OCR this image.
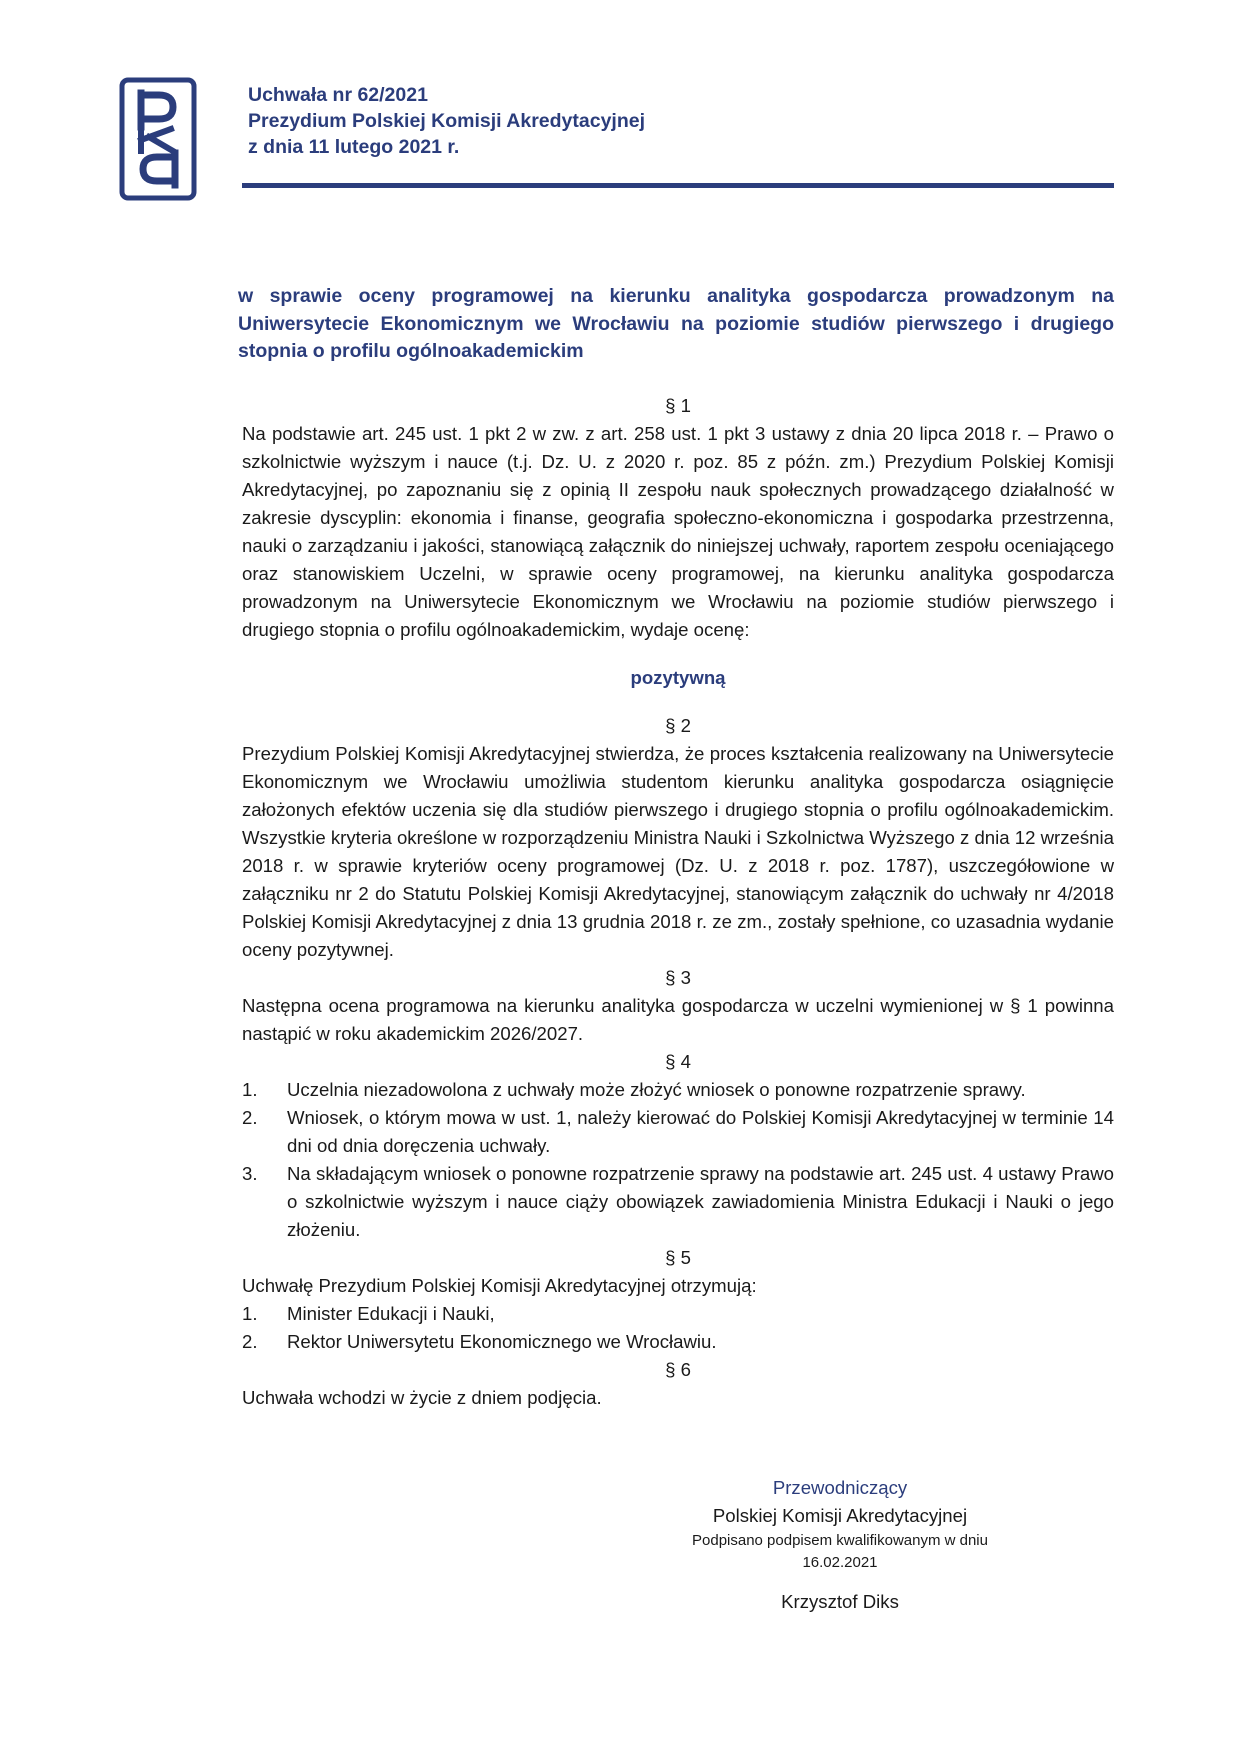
Uchwała nr 62/2021
Prezydium Polskiej Komisji Akredytacyjnej
z dnia 11 lutego 2021 r.
w sprawie oceny programowej na kierunku analityka gospodarcza prowadzonym na Uniwersytecie Ekonomicznym we Wrocławiu na poziomie studiów pierwszego i drugiego stopnia o profilu ogólnoakademickim
§ 1

Na podstawie art. 245 ust. 1 pkt 2 w zw. z art. 258 ust. 1 pkt 3 ustawy z dnia 20 lipca 2018 r. – Prawo o szkolnictwie wyższym i nauce (t.j. Dz. U. z 2020 r. poz. 85 z późn. zm.) Prezydium Polskiej Komisji Akredytacyjnej, po zapoznaniu się z opinią II zespołu nauk społecznych prowadzącego działalność w zakresie dyscyplin: ekonomia i finanse, geografia społeczno-ekonomiczna i gospodarka przestrzenna, nauki o zarządzaniu i jakości, stanowiącą załącznik do niniejszej uchwały, raportem zespołu oceniającego oraz stanowiskiem Uczelni, w sprawie oceny programowej, na kierunku analityka gospodarcza prowadzonym na Uniwersytecie Ekonomicznym we Wrocławiu na poziomie studiów pierwszego i drugiego stopnia o profilu ogólnoakademickim, wydaje ocenę:

pozytywną
§ 2

Prezydium Polskiej Komisji Akredytacyjnej stwierdza, że proces kształcenia realizowany na Uniwersytecie Ekonomicznym we Wrocławiu umożliwia studentom kierunku analityka gospodarcza osiągnięcie założonych efektów uczenia się dla studiów pierwszego i drugiego stopnia o profilu ogólnoakademickim. Wszystkie kryteria określone w rozporządzeniu Ministra Nauki i Szkolnictwa Wyższego z dnia 12 września 2018 r. w sprawie kryteriów oceny programowej (Dz. U. z 2018 r. poz. 1787), uszczegółowione w załączniku nr 2 do Statutu Polskiej Komisji Akredytacyjnej, stanowiącym załącznik do uchwały nr 4/2018 Polskiej Komisji Akredytacyjnej z dnia 13 grudnia 2018 r. ze zm., zostały spełnione, co uzasadnia wydanie oceny pozytywnej.

§ 3

Następna ocena programowa na kierunku analityka gospodarcza w uczelni wymienionej w § 1 powinna nastąpić w roku akademickim 2026/2027.

§ 4
1.	Uczelnia niezadowolona z uchwały może złożyć wniosek o ponowne rozpatrzenie sprawy.
2.	Wniosek, o którym mowa w ust. 1, należy kierować do Polskiej Komisji Akredytacyjnej w terminie 14 dni od dnia doręczenia uchwały.
3.	Na składającym wniosek o ponowne rozpatrzenie sprawy na podstawie art. 245 ust. 4 ustawy Prawo o szkolnictwie wyższym i nauce ciąży obowiązek zawiadomienia Ministra Edukacji i Nauki o jego złożeniu.
§ 5

Uchwałę Prezydium Polskiej Komisji Akredytacyjnej otrzymują:

1.	Minister Edukacji i Nauki,
2.	Rektor Uniwersytetu Ekonomicznego we Wrocławiu.
§ 6

Uchwała wchodzi w życie z dniem podjęcia.

Przewodniczący
Polskiej Komisji Akredytacyjnej
Podpisano podpisem kwalifikowanym w dniu
16.02.2021
Krzysztof Diks
